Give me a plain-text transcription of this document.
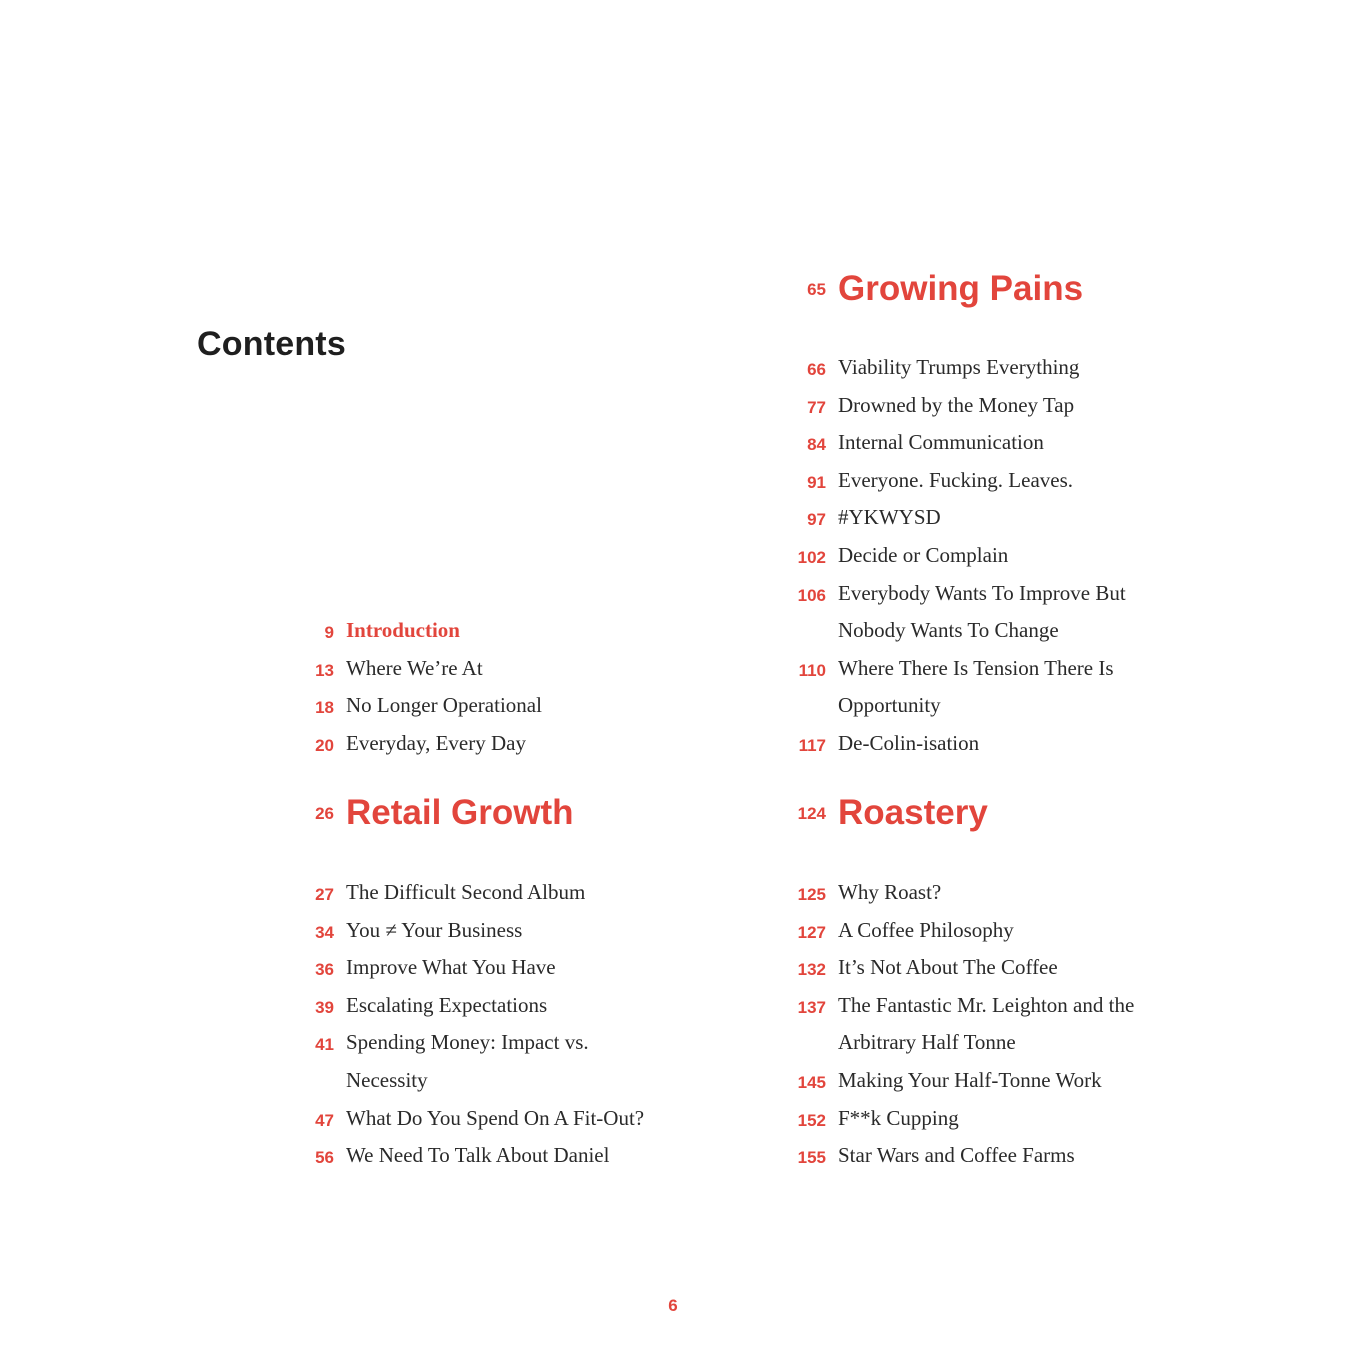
Contents
9 Introduction
13 Where We’re At
18 No Longer Operational
20 Everyday, Every Day
26 Retail Growth
27 The Difficult Second Album
34 You ≠ Your Business
36 Improve What You Have
39 Escalating Expectations
41 Spending Money: Impact vs.
Necessity
47 What Do You Spend On A Fit-Out?
56 We Need To Talk About Daniel
65 Growing Pains
66 Viability Trumps Everything
77 Drowned by the Money Tap
84 Internal Communication
91 Everyone. Fucking. Leaves.
97 #YKWYSD
102 Decide or Complain
106 Everybody Wants To Improve But
Nobody Wants To Change
110 Where There Is Tension There Is
Opportunity
117 De-Colin-isation
124 Roastery
125 Why Roast?
127 A Coffee Philosophy
132 It’s Not About The Coffee
137 The Fantastic Mr. Leighton and the
Arbitrary Half Tonne
145 Making Your Half-Tonne Work
152 F**k Cupping
155 Star Wars and Coffee Farms
6
